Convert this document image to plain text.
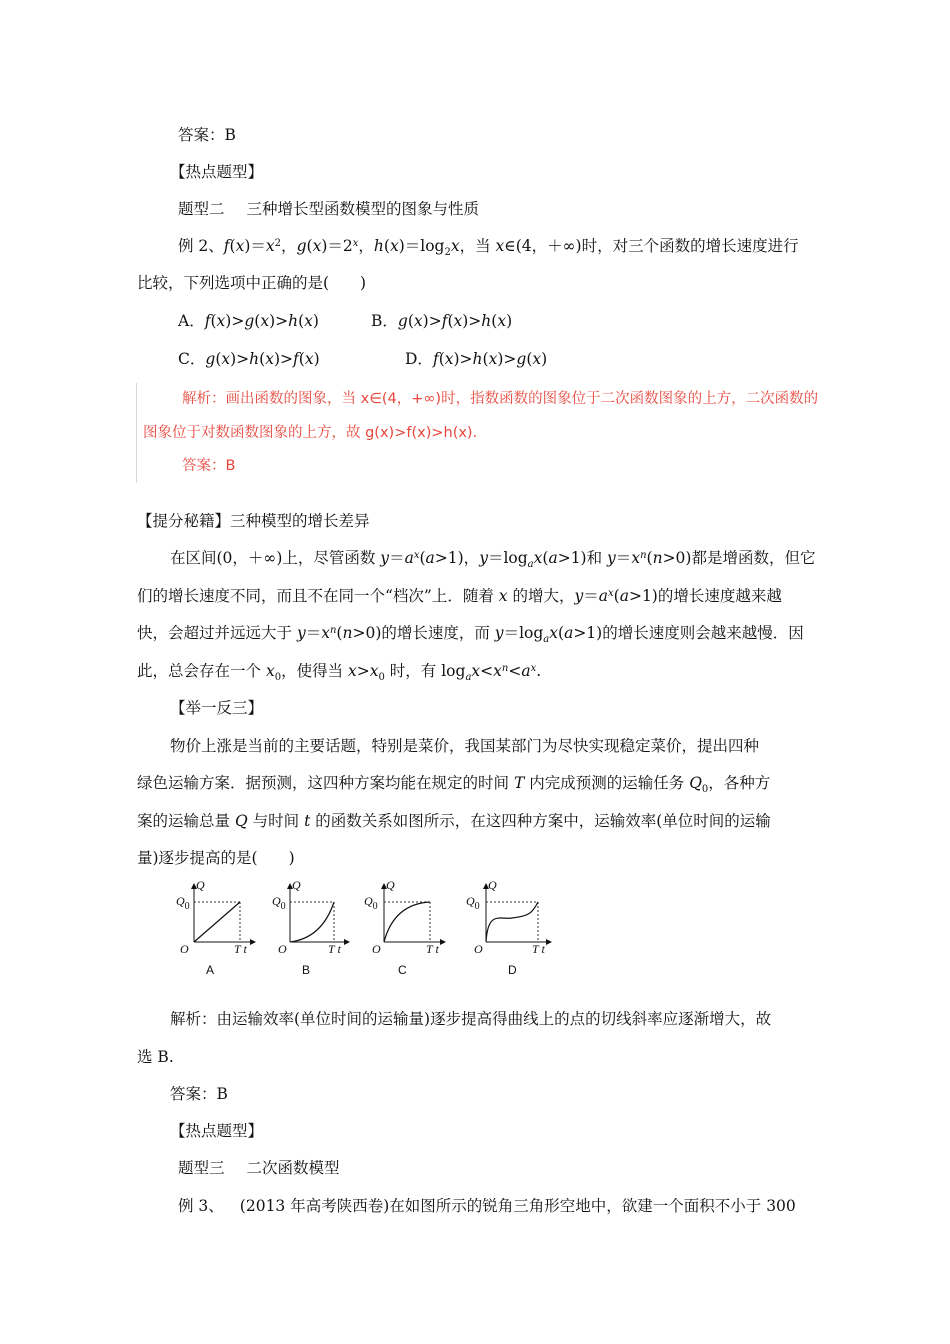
答案：B
【热点题型】
题型二 三种增长型函数模型的图象与性质
例 2、$f(x)=x^2$，$g(x)=2^x$，$h(x)=\log_2x$，当 x∈(4，＋∞)时，对三个函数的增长速度进行
比较，下列选项中正确的是(　　)
A．f(x)>g(x)>h(x)	B．g(x)>f(x)>h(x)
C．g(x)>h(x)>f(x)	D．f(x)>h(x)>g(x)
解析：画出函数的图象，当 x∈(4，+∞)时，指数函数的图象位于二次函数图象的上方，二次函数的
图象位于对数函数图象的上方，故 g(x)>f(x)>h(x).
答案：B
【提分秘籍】三种模型的增长差异
在区间(0，＋∞)上，尽管函数 $y=a^x(a>1)$，$y=\log_ax(a>1)$和 $y=x^n(n>0)$都是增函数，但它
们的增长速度不同，而且不在同一个“档次”上．随着 x 的增大，$y=a^x(a>1)$的增长速度越来越
快，会超过并远远大于 $y=x^n(n>0)$的增长速度，而 $y=\log_ax(a>1)$的增长速度则会越来越慢．因
此，总会存在一个 $x_0$，使得当 $x>x_0$ 时，有 $\log_ax<x^n<a^x$.
【举一反三】
物价上涨是当前的主要话题，特别是菜价，我国某部门为尽快实现稳定菜价，提出四种
绿色运输方案．据预测，这四种方案均能在规定的时间 T 内完成预测的运输任务 $Q_0$，各种方
案的运输总量 Q 与时间 t 的函数关系如图所示，在这四种方案中，运输效率(单位时间的运输
量)逐步提高的是(　　)
Q
$Q_0$
O	T t
A
Q
$Q_0$
O	T t
B
Q
$Q_0$
O	T t
C
Q
$Q_0$
O	T t
D
解析：由运输效率(单位时间的运输量)逐步提高得曲线上的点的切线斜率应逐渐增大，故
选 B.
答案：B
【热点题型】
题型三 二次函数模型
例 3、 (2013 年高考陕西卷)在如图所示的锐角三角形空地中，欲建一个面积不小于 300
